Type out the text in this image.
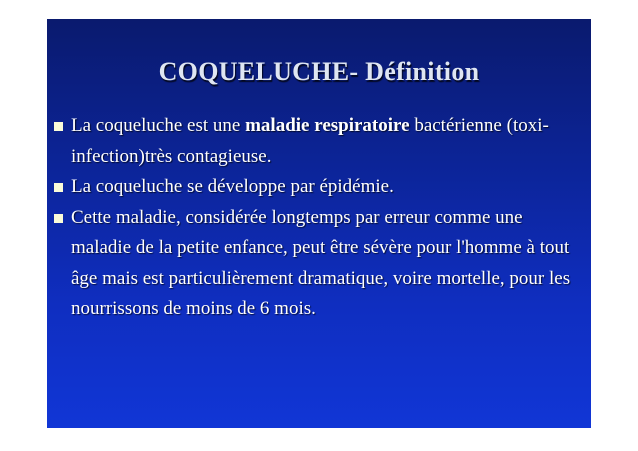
COQUELUCHE- Définition
La coqueluche est une maladie respiratoire bactérienne (toxi-infection)très contagieuse.
La coqueluche se développe par épidémie.
Cette maladie, considérée longtemps par erreur comme une maladie de la petite enfance, peut être sévère pour l'homme à tout âge mais est particulièrement dramatique, voire mortelle, pour les nourrissons de moins de 6 mois.
